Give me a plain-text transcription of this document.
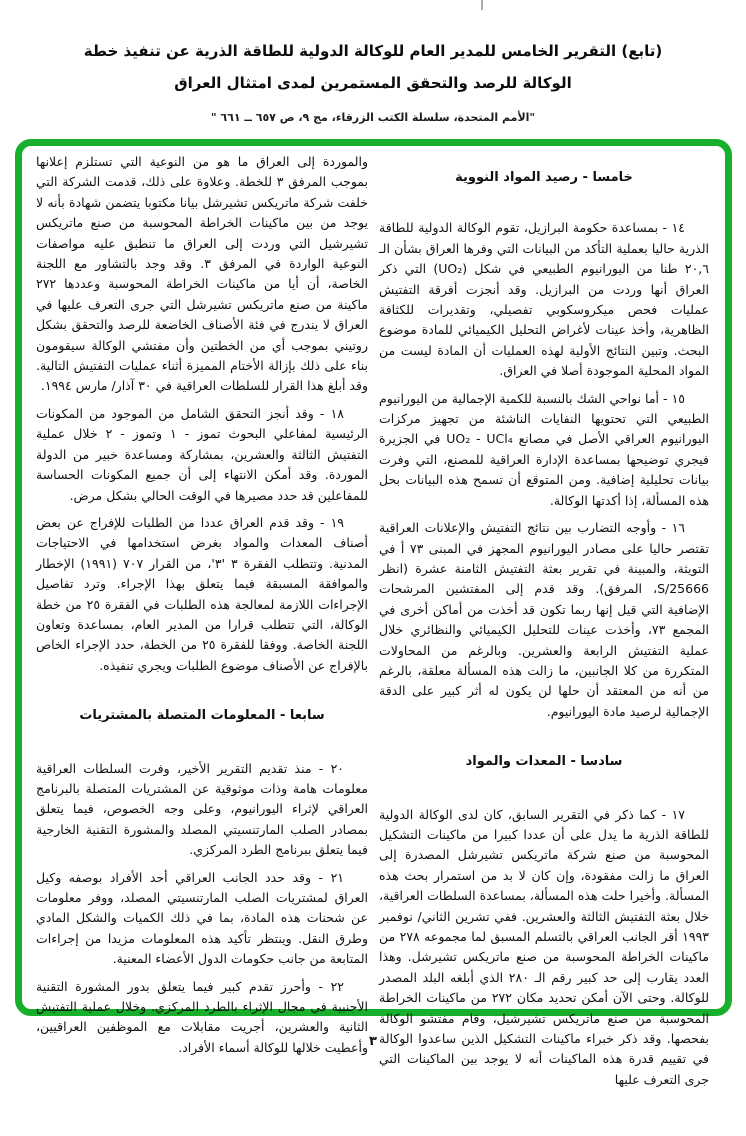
(تابع) التقرير الخامس للمدير العام للوكالة الدولية للطاقة الذرية عن تنفيذ خطة

الوكالة للرصد والتحقق المستمرين لمدى امتثال العراق

"الأمم المتحدة، سلسلة الكتب الزرقاء، مج ٩، ص ٦٥٧ ــ ٦٦١ "

خامسا - رصيد المواد النووية

١٤ - بمساعدة حكومة البرازيل، تقوم الوكالة الدولية للطاقة الذرية حاليا بعملية التأكد من البيانات التي وفرها العراق بشأن الـ ٢٠,٦ طنا من اليورانيوم الطبيعي في شكل (UO₂) التي ذكر العراق أنها وردت من البرازيل. وقد أنجزت أفرقة التفتيش عمليات فحص ميكروسكوبي تفصيلي، وتقديرات للكثافة الظاهرية، وأخذ عينات لأغراض التحليل الكيميائي للمادة موضوع البحث. وتبين النتائج الأولية لهذه العمليات أن المادة ليست من المواد المحلية الموجودة أصلا في العراق.

١٥ - أما نواحي الشك بالنسبة للكمية الإجمالية من اليورانيوم الطبيعي التي تحتويها النفايات الناشئة من تجهيز مركزات اليورانيوم العراقي الأصل في مصانع UO₂ - UCl₄ في الجزيرة فيجري توضيحها بمساعدة الإدارة العراقية للمصنع، التي وفرت بيانات تحليلية إضافية. ومن المتوقع أن تسمح هذه البيانات بحل هذه المسألة، إذا أكدتها الوكالة.

١٦ - وأوجه التضارب بين نتائج التفتيش والإعلانات العراقية تقتصر حاليا على مصادر اليورانيوم المجهز في المبنى ٧٣ أ في التويثة، والمبينة في تقرير بعثة التفتيش الثامنة عشرة (انظر S/25666، المرفق). وقد قدم إلى المفتشين المرشحات الإضافية التي قيل إنها ربما تكون قد أخذت من أماكن أخرى في المجمع ٧٣، وأخذت عينات للتحليل الكيميائي والنظائري خلال عملية التفتيش الرابعة والعشرين. وبالرغم من المحاولات المتكررة من كلا الجانبين، ما زالت هذه المسألة معلقة، بالرغم من أنه من المعتقد أن حلها لن يكون له أثر كبير على الدقة الإجمالية لرصيد مادة اليورانيوم.

سادسا - المعدات والمواد

١٧ - كما ذكر في التقرير السابق، كان لدى الوكالة الدولية للطاقة الذرية ما يدل على أن عددا كبيرا من ماكينات التشكيل المحوسبة من صنع شركة ماتريكس تشيرشل المصدرة إلى العراق ما زالت مفقودة، وإن كان لا بد من استمرار بحث هذه المسألة. وأخيرا حلت هذه المسألة، بمساعدة السلطات العراقية، خلال بعثة التفتيش الثالثة والعشرين. ففي تشرين الثاني/ نوفمبر ١٩٩٣ أقر الجانب العراقي بالتسلم المسبق لما مجموعه ٢٧٨ من ماكينات الخراطة المحوسبة من صنع ماتريكس تشيرشل. وهذا العدد يقارب إلى حد كبير رقم الـ ٢٨٠ الذي أبلغه البلد المصدر للوكالة. وحتى الآن أمكن تحديد مكان ٢٧٢ من ماكينات الخراطة المحوسبة من صنع ماتريكس تشيرشيل، وقام مفتشو الوكالة بفحصها. وقد ذكر خبراء ماكينات التشكيل الذين ساعدوا الوكالة في تقييم قدرة هذه الماكينات أنه لا يوجد بين الماكينات التي جرى التعرف عليها

والموردة إلى العراق ما هو من النوعية التي تستلزم إعلانها بموجب المرفق ٣ للخطة. وعلاوة على ذلك، قدمت الشركة التي خلفت شركة ماتريكس تشيرشل بيانا مكتوبا يتضمن شهادة بأنه لا يوجد من بين ماكينات الخراطة المحوسبة من صنع ماتريكس تشيرشيل التي وردت إلى العراق ما تنطبق عليه مواصفات النوعية الواردة في المرفق ٣. وقد وجد بالتشاور مع اللجنة الخاصة، أن أيا من ماكينات الخراطة المحوسبة وعددها ٢٧٢ ماكينة من صنع ماتريكس تشيرشل التي جرى التعرف عليها في العراق لا يندرج في فئة الأصناف الخاضعة للرصد والتحقق بشكل روتيني بموجب أي من الخطتين وأن مفتشي الوكالة سيقومون بناء على ذلك بإزالة الأختام المميزة أثناء عمليات التفتيش التالية. وقد أبلغ هذا القرار للسلطات العراقية في ٣٠ آذار/ مارس ١٩٩٤.

١٨ - وقد أنجز التحقق الشامل من الموجود من المكونات الرئيسية لمفاعلي البحوث تموز - ١ وتموز - ٢ خلال عملية التفتيش الثالثة والعشرين، بمشاركة ومساعدة خبير من الدولة الموردة. وقد أمكن الانتهاء إلى أن جميع المكونات الحساسة للمفاعلين قد حدد مصيرها في الوقت الحالي بشكل مرض.

١٩ - وقد قدم العراق عددا من الطلبات للإفراج عن بعض أصناف المعدات والمواد بغرض استخدامها في الاحتياجات المدنية. وتتطلب الفقرة ٣ '٣'، من القرار ٧٠٧ (١٩٩١) الإخطار والموافقة المسبقة فيما يتعلق بهذا الإجراء. وترد تفاصيل الإجراءات اللازمة لمعالجة هذه الطلبات في الفقرة ٢٥ من خطة الوكالة، التي تتطلب قرارا من المدير العام، بمساعدة وتعاون اللجنة الخاصة. ووفقا للفقرة ٢٥ من الخطة، حدد الإجراء الخاص بالإفراج عن الأصناف موضوع الطلبات ويجري تنفيذه.

سابعا - المعلومات المتصلة بالمشتريات

٢٠ - منذ تقديم التقرير الأخير، وفرت السلطات العراقية معلومات هامة وذات موثوقية عن المشتريات المتصلة بالبرنامج العراقي لإثراء اليورانيوم، وعلى وجه الخصوص، فيما يتعلق بمصادر الصلب المارتنسيتي المصلد والمشورة التقنية الخارجية فيما يتعلق ببرنامج الطرد المركزي.

٢١ - وقد حدد الجانب العراقي أحد الأفراد بوصفه وكيل العراق لمشتريات الصلب المارتنسيتي المصلد، ووفر معلومات عن شحنات هذه المادة، بما في ذلك الكميات والشكل المادي وطرق النقل. وينتظر تأكيد هذه المعلومات مزيدا من إجراءات المتابعة من جانب حكومات الدول الأعضاء المعنية.

٢٢ - وأحرز تقدم كبير فيما يتعلق بدور المشورة التقنية الأجنبية في مجال الإثراء بالطرد المركزي. وخلال عملية التفتيش الثانية والعشرين، أجريت مقابلات مع الموظفين العراقيين، وأعطيت خلالها للوكالة أسماء الأفراد. ٣
